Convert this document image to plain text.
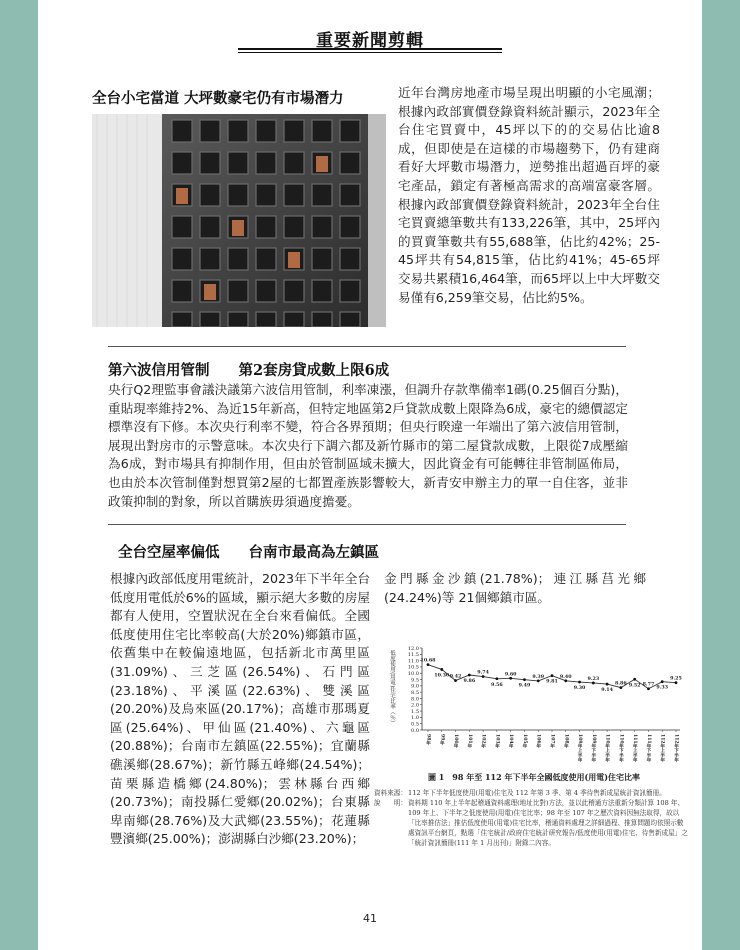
重要新聞剪輯
全台小宅當道 大坪數豪宅仍有市場潛力	近年台灣房地產市場呈現出明顯的小宅風潮；根據內政部實價登錄資料統計顯示，2023年全台住宅買賣中，45坪以下的的交易佔比逾8成，但即使是在這樣的市場趨勢下，仍有建商看好大坪數市場潛力，逆勢推出超過百坪的豪宅產品，鎖定有著極高需求的高端富豪客層。根據內政部實價登錄資料統計，2023年全台住宅買賣總筆數共有133,226筆，其中，25坪內的買賣筆數共有55,688筆，佔比約42%；25-45坪共有54,815筆，佔比約41%；45-65坪交易共累積16,464筆，而65坪以上中大坪數交易僅有6,259筆交易，佔比約5%。
第六波信用管制　　第2套房貸成數上限6成
央行Q2理監事會議決議第六波信用管制，利率凍漲，但調升存款準備率1碼(0.25個百分點)，重貼現率維持2%、為近15年新高，但特定地區第2戶貸款成數上限降為6成，豪宅的總價認定標準沒有下修。本次央行利率不變，符合各界預期；但央行睽違一年端出了第六波信用管制，展現出對房市的示警意味。本次央行下調六都及新竹縣市的第二屋貸款成數，上限從7成壓縮為6成，對市場具有抑制作用，但由於管制區域未擴大，因此資金有可能轉往非管制區佈局，也由於本次管制僅對想買第2屋的七都置產族影響較大，新青安申辦主力的單一自住客，並非政策抑制的對象，所以首購族毋須過度擔憂。
全台空屋率偏低　　台南市最高為左鎮區
根據內政部低度用電統計，2023年下半年全台低度用電低於6%的區域，顯示絕大多數的房屋都有人使用，空置狀況在全台來看偏低。全國低度使用住宅比率較高(大於20%)鄉鎮市區，依舊集中在較偏遠地區，包括新北市萬里區(31.09%)、三芝區(26.54%)、石門區(23.18%)、平溪區(22.63%)、雙溪區(20.20%)及烏來區(20.17%)；高雄市那瑪夏區(25.64%)、甲仙區(21.40%)、六龜區(20.88%)；台南市左鎮區(22.55%)；宜蘭縣礁溪鄉(28.67%)；新竹縣五峰鄉(24.54%)；苗栗縣造橋鄉(24.80%)；雲林縣台西鄉(20.73%)；南投縣仁愛鄉(20.02%)；台東縣卑南鄉(28.76%)及大武鄉(23.55%)；花蓮縣豐濱鄉(25.00%)；澎湖縣白沙鄉(23.20%)；
金門縣金沙鎮(21.78%)；連江縣莒光鄉(24.24%)等 21個鄉鎮市區。
低度使用(用電)住宅比率（％）
0.0
0.5
1.0
1.5
2.0
8.0
8.5
9.0
9.5
10.0
10.5
11.0
11.5
12.0
10.68
10.30 9.42
9.86
9.74
9.56
9.60
9.49
9.39
9.81
9.40
9.30
9.23
9.14
8.86 9.52 8.77 9.33
9.25
98年 99年 100年 101年 102年 103年 104年 105年 106年 107年 108年 109年上半年 109年下半年 110年上半年 110年下半年 111年上半年 111年下半年 112年上半年 112年下半年
圖 1　98 年至 112 年下半年全國低度使用(用電)住宅比率
資料來源： 112 年下半年低度使用(用電)住宅及 112 年第 3 季、第 4 季待售新成屋統計資訊簡冊。
說　　明： 資料期 110 年上半年起稽通資料處理(地址比對)方法，並以此稽通方法重新分類計算 108 年、109 年上、下半年之低度使用(用電)住宅比率；98 年至 107 年之歷次資料因無法取得，故以「比率推估法」推估低度使用(用電)住宅比率，稽通資料處理之詳細過程、推算問題均依照示數處資訊平台網頁，點選「住宅統計/政府住宅統計研究報告/低度使用(用電)住宅、待售新成屋」之「統計資訊簡冊(111 年 1 月出刊)」附錄二內容。
41
